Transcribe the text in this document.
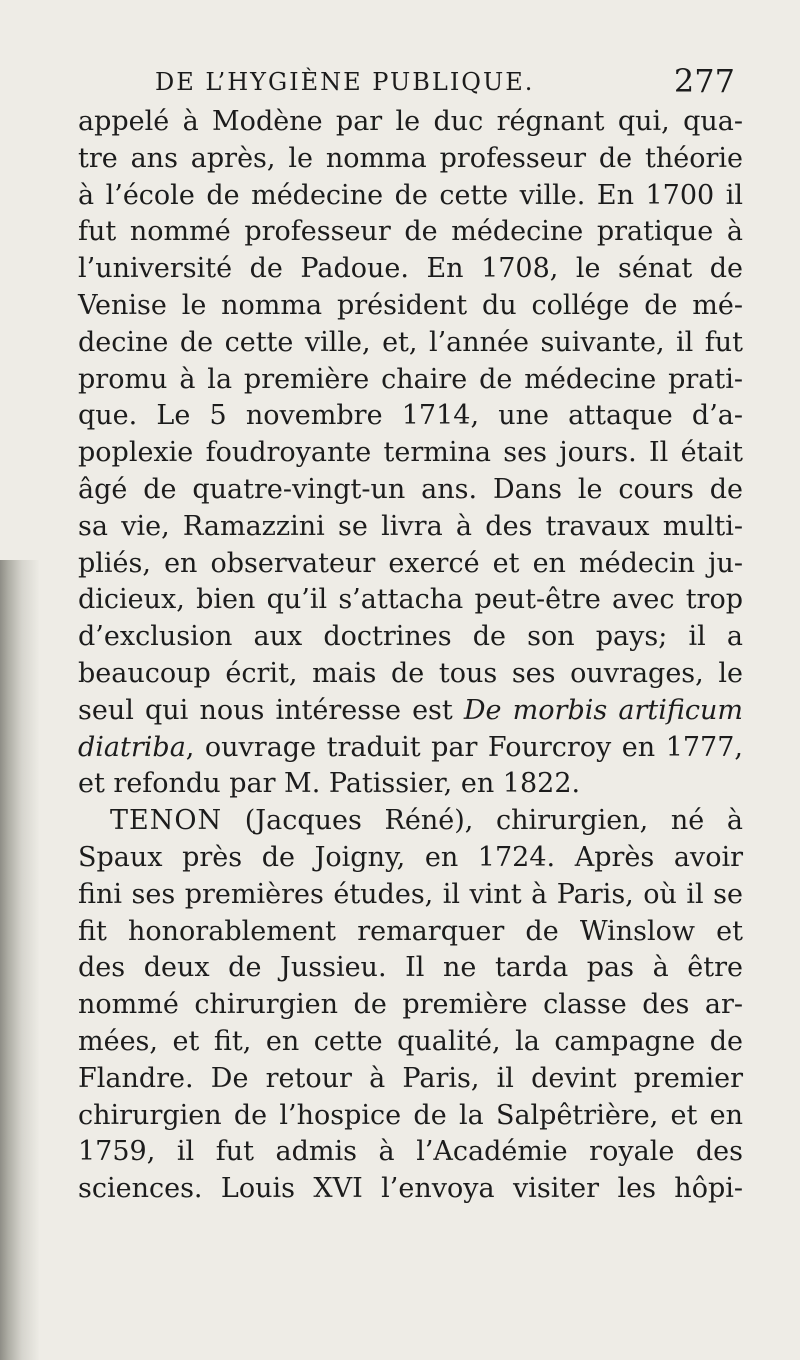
DE L’HYGIÈNE PUBLIQUE.	277
appelé à Modène par le duc régnant qui, qua-
tre ans après, le nomma professeur de théorie
à l’école de médecine de cette ville. En 1700 il
fut nommé professeur de médecine pratique à
l’université de Padoue. En 1708, le sénat de
Venise le nomma président du collége de mé-
decine de cette ville, et, l’année suivante, il fut
promu à la première chaire de médecine prati-
que. Le 5 novembre 1714, une attaque d’a-
poplexie foudroyante termina ses jours. Il était
âgé de quatre-vingt-un ans. Dans le cours de
sa vie, Ramazzini se livra à des travaux multi-
pliés, en observateur exercé et en médecin ju-
dicieux, bien qu’il s’attacha peut-être avec trop
d’exclusion aux doctrines de son pays; il a
beaucoup écrit, mais de tous ses ouvrages, le
seul qui nous intéresse est De morbis artificum
diatriba, ouvrage traduit par Fourcroy en 1777,
et refondu par M. Patissier, en 1822.
TENON (Jacques Réné), chirurgien, né à
Spaux près de Joigny, en 1724. Après avoir
fini ses premières études, il vint à Paris, où il se
fit honorablement remarquer de Winslow et
des deux de Jussieu. Il ne tarda pas à être
nommé chirurgien de première classe des ar-
mées, et fit, en cette qualité, la campagne de
Flandre. De retour à Paris, il devint premier
chirurgien de l’hospice de la Salpêtrière, et en
1759, il fut admis à l’Académie royale des
sciences. Louis XVI l’envoya visiter les hôpi-
